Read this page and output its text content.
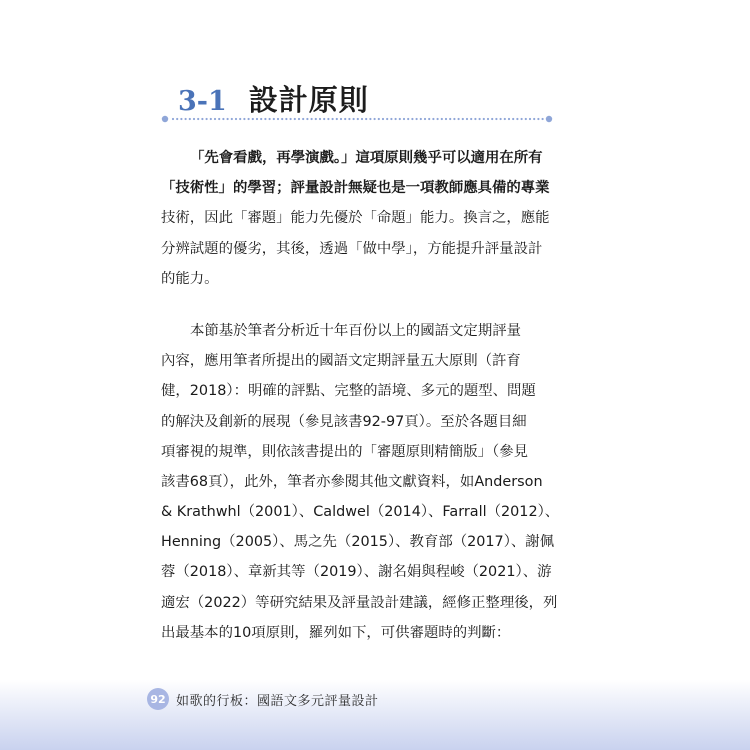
3-1 設計原則
「先會看戲，再學演戲。」這項原則幾乎可以適用在所有
「技術性」的學習；評量設計無疑也是一項教師應具備的專業
技術，因此「審題」能力先優於「命題」能力。換言之，應能
分辨試題的優劣，其後，透過「做中學」，方能提升評量設計
的能力。
本節基於筆者分析近十年百份以上的國語文定期評量
內容，應用筆者所提出的國語文定期評量五大原則（許育
健，2018）：明確的評點、完整的語境、多元的題型、問題
的解決及創新的展現（參見該書92-97頁）。至於各題目細
項審視的規準，則依該書提出的「審題原則精簡版」（參見
該書68頁），此外，筆者亦參閱其他文獻資料，如Anderson
& Krathwhl（2001）、Caldwel（2014）、Farrall（2012）、
Henning（2005）、馬之先（2015）、教育部（2017）、謝佩
蓉（2018）、章新其等（2019）、謝名娟與程峻（2021）、游
適宏（2022）等研究結果及評量設計建議，經修正整理後，列
出最基本的10項原則，羅列如下，可供審題時的判斷：
92 如歌的行板：國語文多元評量設計
